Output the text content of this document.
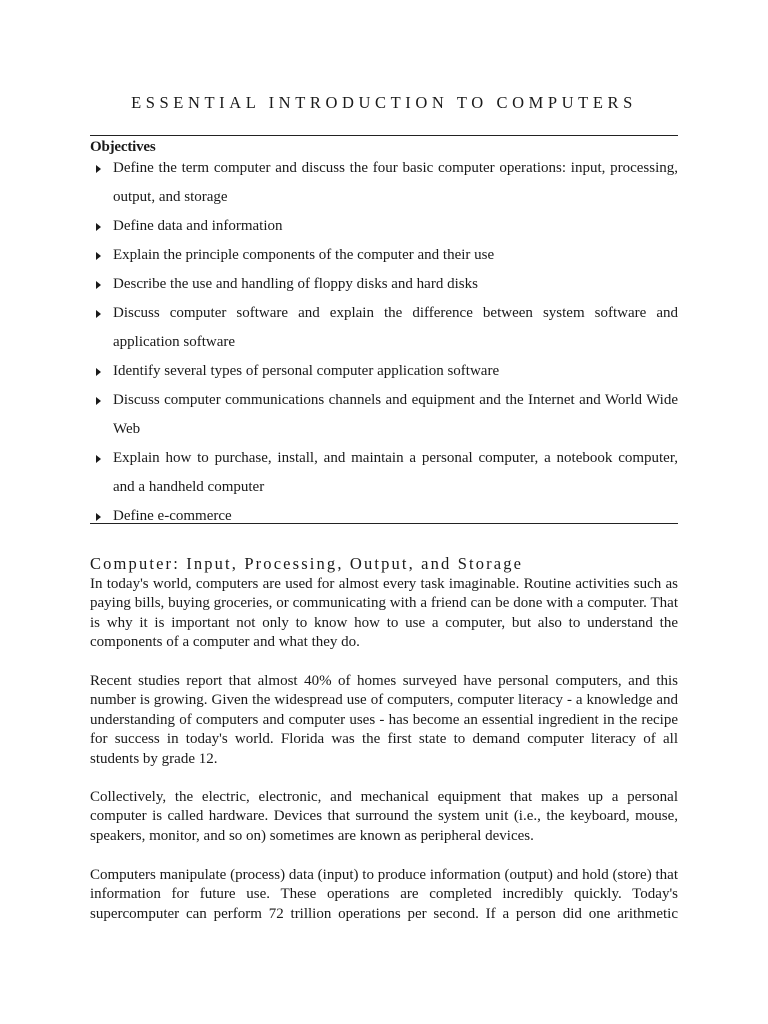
ESSENTIAL INTRODUCTION TO COMPUTERS
Objectives
Define the term computer and discuss the four basic computer operations: input, processing, output, and storage
Define data and information
Explain the principle components of the computer and their use
Describe the use and handling of floppy disks and hard disks
Discuss computer software and explain the difference between system software and application software
Identify several types of personal computer application software
Discuss computer communications channels and equipment and the Internet and World Wide Web
Explain how to purchase, install, and maintain a personal computer, a notebook computer, and a handheld computer
Define e-commerce
Computer: Input, Processing, Output, and Storage

In today's world, computers are used for almost every task imaginable. Routine activities such as paying bills, buying groceries, or communicating with a friend can be done with a computer. That is why it is important not only to know how to use a computer, but also to understand the components of a computer and what they do.

Recent studies report that almost 40% of homes surveyed have personal computers, and this number is growing. Given the widespread use of computers, computer literacy - a knowledge and understanding of computers and computer uses - has become an essential ingredient in the recipe for success in today's world. Florida was the first state to demand computer literacy of all students by grade 12.

Collectively, the electric, electronic, and mechanical equipment that makes up a personal computer is called hardware. Devices that surround the system unit (i.e., the keyboard, mouse, speakers, monitor, and so on) sometimes are known as peripheral devices.

Computers manipulate (process) data (input) to produce information (output) and hold (store) that information for future use. These operations are completed incredibly quickly. Today's supercomputer can perform 72 trillion operations per second. If a person did one arithmetic
